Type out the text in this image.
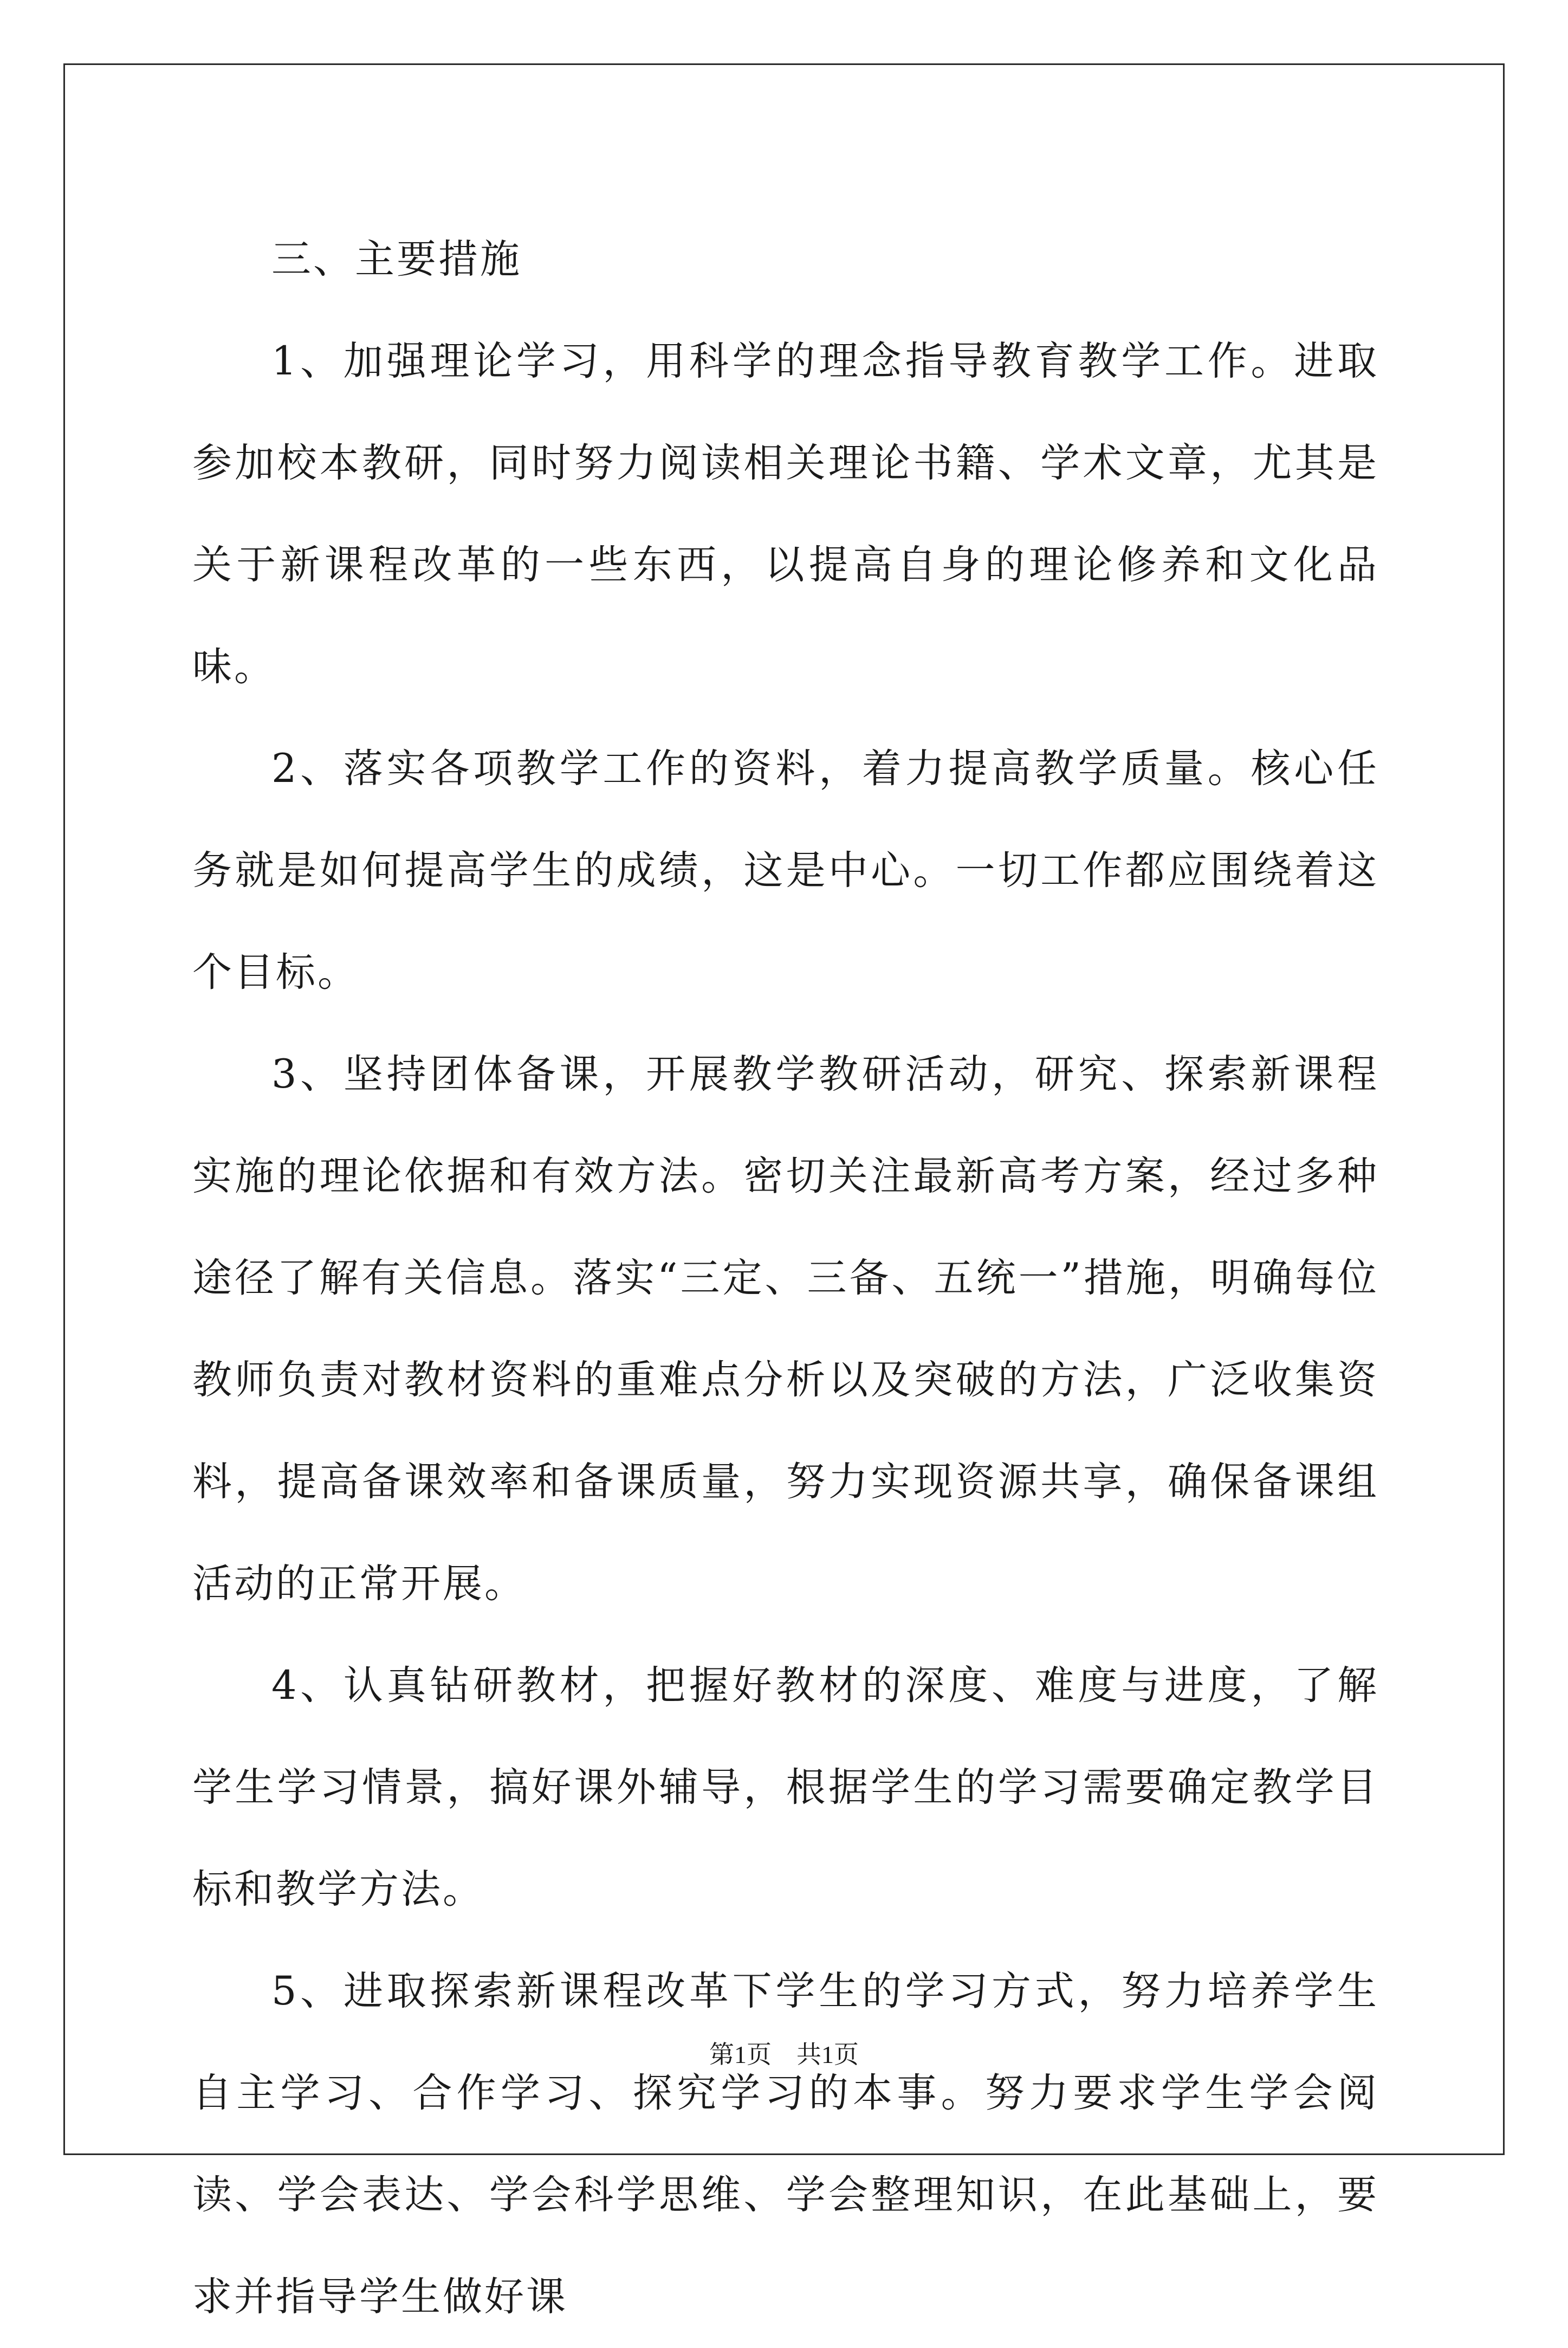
三、主要措施

1、加强理论学习，用科学的理念指导教育教学工作。进取参加校本教研，同时努力阅读相关理论书籍、学术文章，尤其是关于新课程改革的一些东西，以提高自身的理论修养和文化品味。

2、落实各项教学工作的资料，着力提高教学质量。核心任务就是如何提高学生的成绩，这是中心。一切工作都应围绕着这个目标。

3、坚持团体备课，开展教学教研活动，研究、探索新课程实施的理论依据和有效方法。密切关注最新高考方案，经过多种途径了解有关信息。落实“三定、三备、五统一”措施，明确每位教师负责对教材资料的重难点分析以及突破的方法，广泛收集资料，提高备课效率和备课质量，努力实现资源共享，确保备课组活动的正常开展。

4、认真钻研教材，把握好教材的深度、难度与进度，了解学生学习情景，搞好课外辅导，根据学生的学习需要确定教学目标和教学方法。

5、进取探索新课程改革下学生的学习方式，努力培养学生自主学习、合作学习、探究学习的本事。努力要求学生学会阅读、学会表达、学会科学思维、学会整理知识，在此基础上，要求并指导学生做好课

第1页 共1页
